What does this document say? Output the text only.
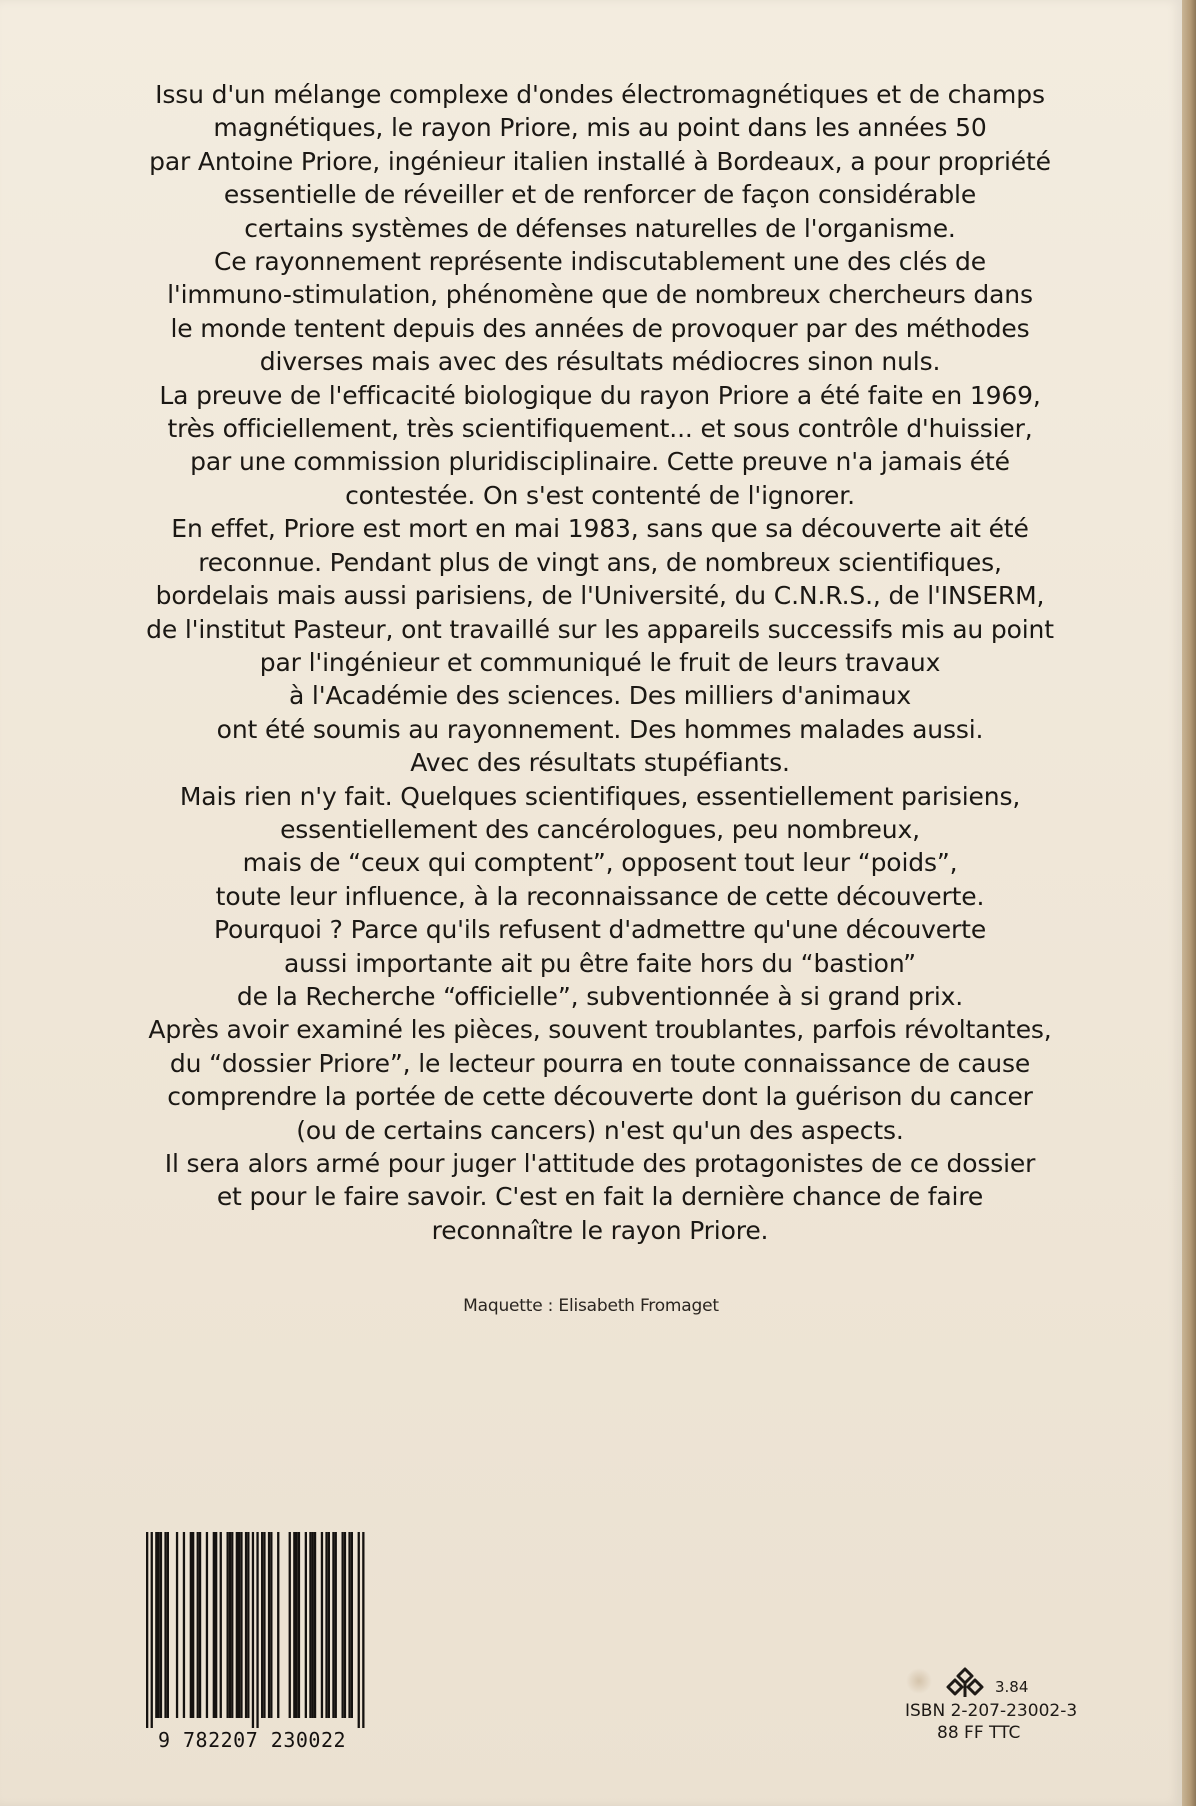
Issu d'un mélange complexe d'ondes électromagnétiques et de champs
magnétiques, le rayon Priore, mis au point dans les années 50
par Antoine Priore, ingénieur italien installé à Bordeaux, a pour propriété
essentielle de réveiller et de renforcer de façon considérable
certains systèmes de défenses naturelles de l'organisme.
Ce rayonnement représente indiscutablement une des clés de
l'immuno-stimulation, phénomène que de nombreux chercheurs dans
le monde tentent depuis des années de provoquer par des méthodes
diverses mais avec des résultats médiocres sinon nuls.
La preuve de l'efficacité biologique du rayon Priore a été faite en 1969,
très officiellement, très scientifiquement... et sous contrôle d'huissier,
par une commission pluridisciplinaire. Cette preuve n'a jamais été
contestée. On s'est contenté de l'ignorer.
En effet, Priore est mort en mai 1983, sans que sa découverte ait été
reconnue. Pendant plus de vingt ans, de nombreux scientifiques,
bordelais mais aussi parisiens, de l'Université, du C.N.R.S., de l'INSERM,
de l'institut Pasteur, ont travaillé sur les appareils successifs mis au point
par l'ingénieur et communiqué le fruit de leurs travaux
à l'Académie des sciences. Des milliers d'animaux
ont été soumis au rayonnement. Des hommes malades aussi.
Avec des résultats stupéfiants.
Mais rien n'y fait. Quelques scientifiques, essentiellement parisiens,
essentiellement des cancérologues, peu nombreux,
mais de “ceux qui comptent”, opposent tout leur “poids”,
toute leur influence, à la reconnaissance de cette découverte.
Pourquoi ? Parce qu'ils refusent d'admettre qu'une découverte
aussi importante ait pu être faite hors du “bastion”
de la Recherche “officielle”, subventionnée à si grand prix.
Après avoir examiné les pièces, souvent troublantes, parfois révoltantes,
du “dossier Priore”, le lecteur pourra en toute connaissance de cause
comprendre la portée de cette découverte dont la guérison du cancer
(ou de certains cancers) n'est qu'un des aspects.
Il sera alors armé pour juger l'attitude des protagonistes de ce dossier
et pour le faire savoir. C'est en fait la dernière chance de faire
reconnaître le rayon Priore.
Maquette : Elisabeth Fromaget
9 782207 230022
3.84
ISBN 2-207-23002-3
88 FF TTC
